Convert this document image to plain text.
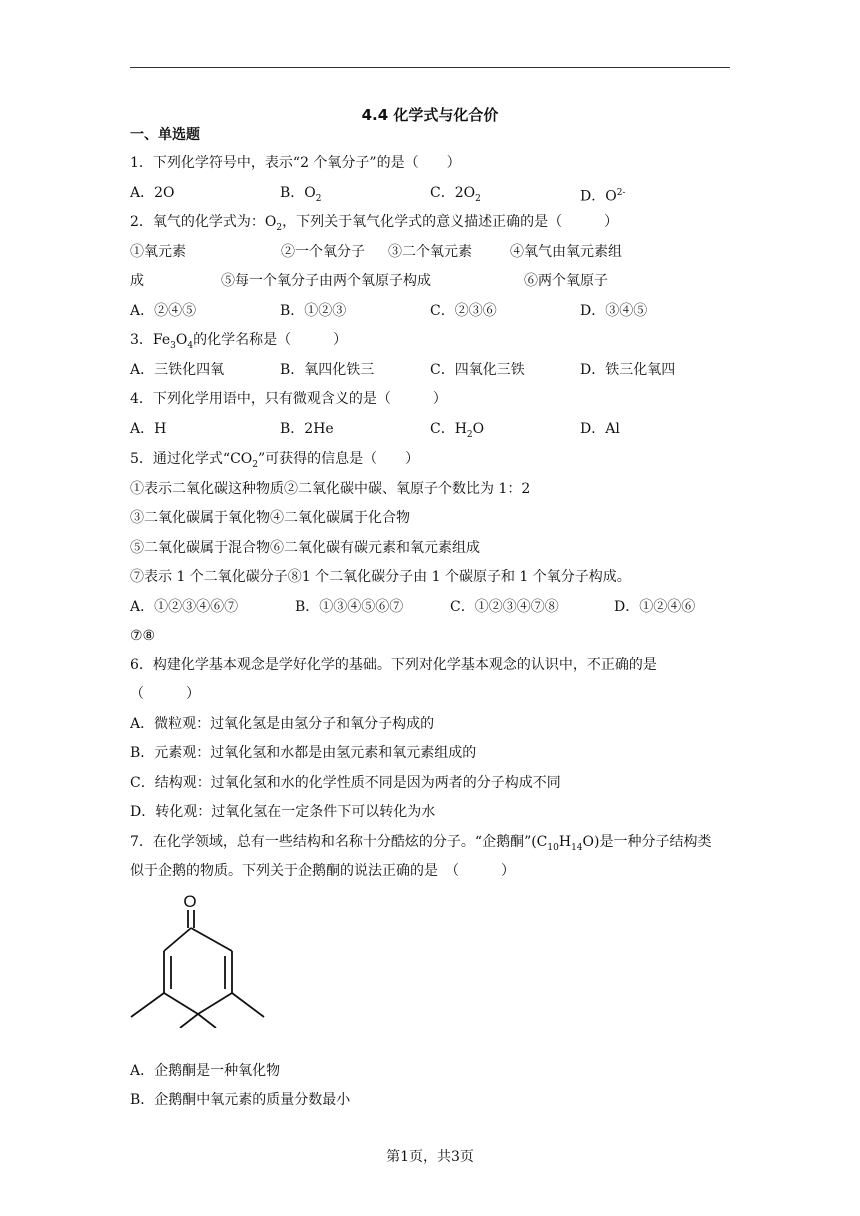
4.4 化学式与化合价
一、单选题
1．下列化学符号中，表示“2 个氧分子”的是（　　）
A．2O	B．$O_2$	C．$2O_2$	D．$O^{2-}$
2．氧气的化学式为：$O_2$，下列关于氧气化学式的意义描述正确的是（　　　）
①氧元素	②一个氧分子 ③二个氧元素	④氧气由氧元素组
成	⑤每一个氧分子由两个氧原子构成	⑥两个氧原子
A．②④⑤	B．①②③	C．②③⑥	D．③④⑤
3．$Fe_3O_4$的化学名称是（　　　）
A．三铁化四氧	B．氧四化铁三	C．四氧化三铁	D．铁三化氧四
4．下列化学用语中，只有微观含义的是（　　　）
A．H	B．2He	C．$H_2O$	D．Al
5．通过化学式“$CO_2$”可获得的信息是（　　）
①表示二氧化碳这种物质②二氧化碳中碳、氧原子个数比为 1：2
③二氧化碳属于氧化物④二氧化碳属于化合物
⑤二氧化碳属于混合物⑥二氧化碳有碳元素和氧元素组成
⑦表示 1 个二氧化碳分子⑧1 个二氧化碳分子由 1 个碳原子和 1 个氧分子构成。
A．①②③④⑥⑦	B．①③④⑤⑥⑦	C．①②③④⑦⑧	D．①②④⑥
⑦⑧
6．构建化学基本观念是学好化学的基础。下列对化学基本观念的认识中，不正确的是
（　　　）
A．微粒观：过氧化氢是由氢分子和氧分子构成的
B．元素观：过氧化氢和水都是由氢元素和氧元素组成的
C．结构观：过氧化氢和水的化学性质不同是因为两者的分子构成不同
D．转化观：过氧化氢在一定条件下可以转化为水
7．在化学领域，总有一些结构和名称十分酷炫的分子。“企鹅酮$”(C_{10}H_{14}O)$是一种分子结构类
似于企鹅的物质。下列关于企鹅酮的说法正确的是　（　　　）
O
A．企鹅酮是一种氧化物
B．企鹅酮中氧元素的质量分数最小
第1页，共3页
